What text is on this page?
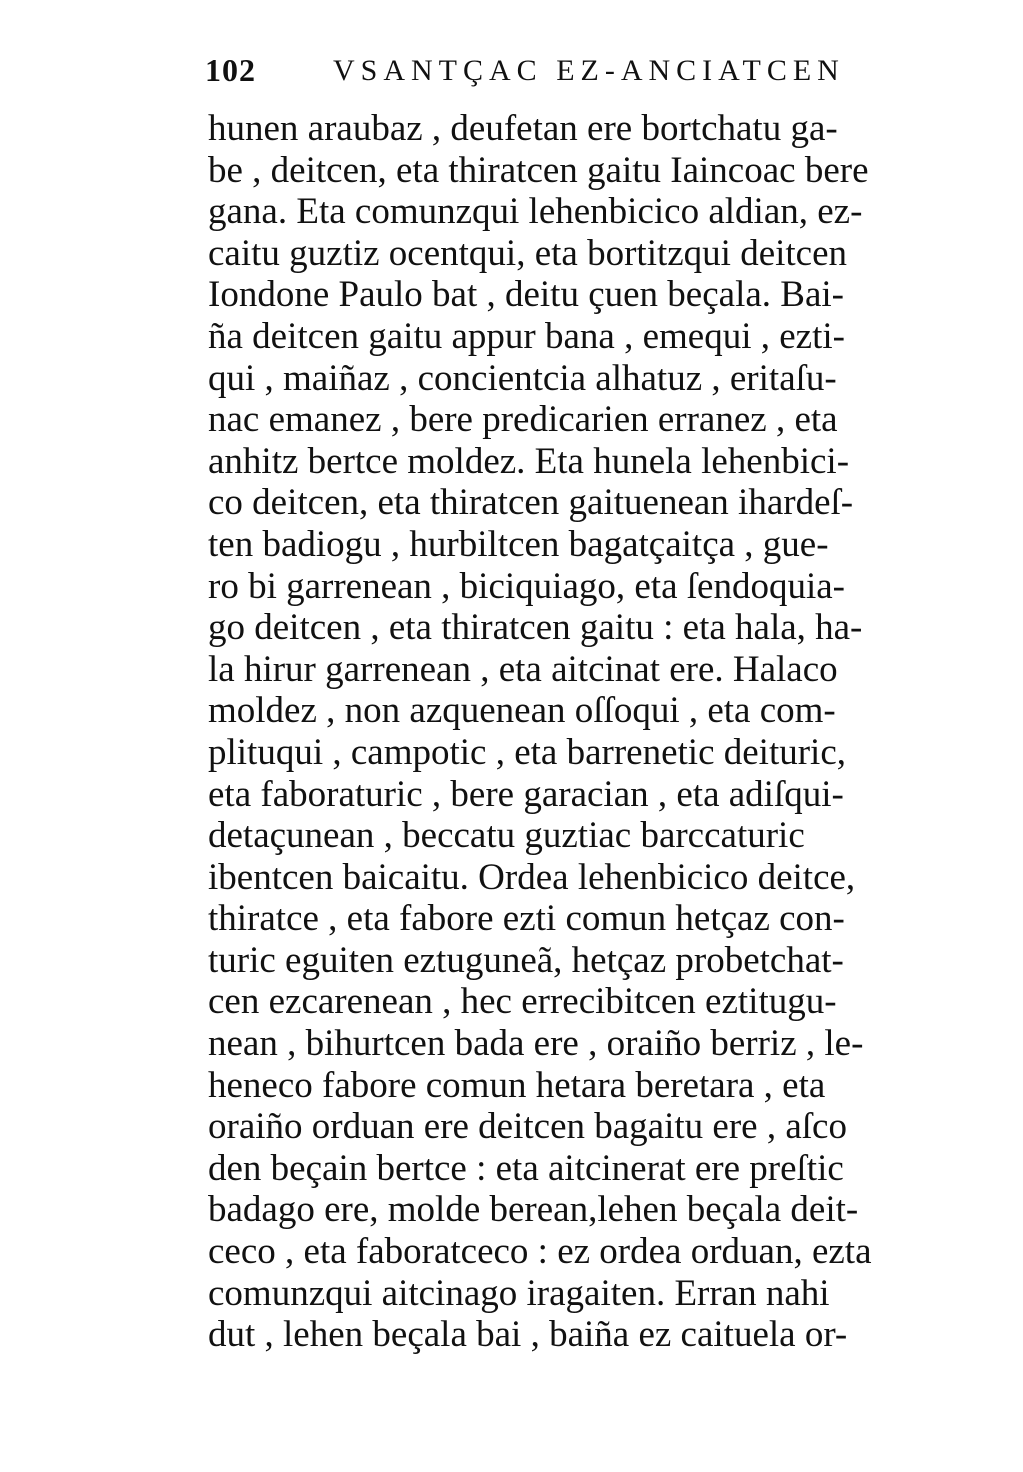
102	VSANTÇAC EZ-ANCIATCEN
hunen araubaz , deufetan ere bortchatu ga-
be , deitcen, eta thiratcen gaitu Iaincoac bere
gana. Eta comunzqui lehenbicico aldian, ez-
caitu guztiz ocentqui, eta bortitzqui deitcen
Iondone Paulo bat , deitu çuen beçala. Bai-
ña deitcen gaitu appur bana , emequi , ezti-
qui , maiñaz , concientcia alhatuz , eritaſu-
nac emanez , bere predicarien erranez , eta
anhitz bertce moldez. Eta hunela lehenbici-
co deitcen, eta thiratcen gaituenean ihardeſ-
ten badiogu , hurbiltcen bagatçaitça , gue-
ro bi garrenean , biciquiago, eta ſendoquia-
go deitcen , eta thiratcen gaitu : eta hala, ha-
la hirur garrenean , eta aitcinat ere. Halaco
moldez , non azquenean oſſoqui , eta com-
plituqui , campotic , eta barrenetic deituric,
eta faboraturic , bere garacian , eta adiſqui-
detaçunean , beccatu guztiac barccaturic
ibentcen baicaitu. Ordea lehenbicico deitce,
thiratce , eta fabore ezti comun hetçaz con-
turic eguiten eztuguneã, hetçaz probetchat-
cen ezcarenean , hec errecibitcen eztitugu-
nean , bihurtcen bada ere , oraiño berriz , le-
heneco fabore comun hetara beretara , eta
oraiño orduan ere deitcen bagaitu ere , aſco
den beçain bertce : eta aitcinerat ere preſtic
badago ere, molde berean,lehen beçala deit-
ceco , eta faboratceco : ez ordea orduan, ezta
comunzqui aitcinago iragaiten. Erran nahi
dut , lehen beçala bai , baiña ez caituela or-
